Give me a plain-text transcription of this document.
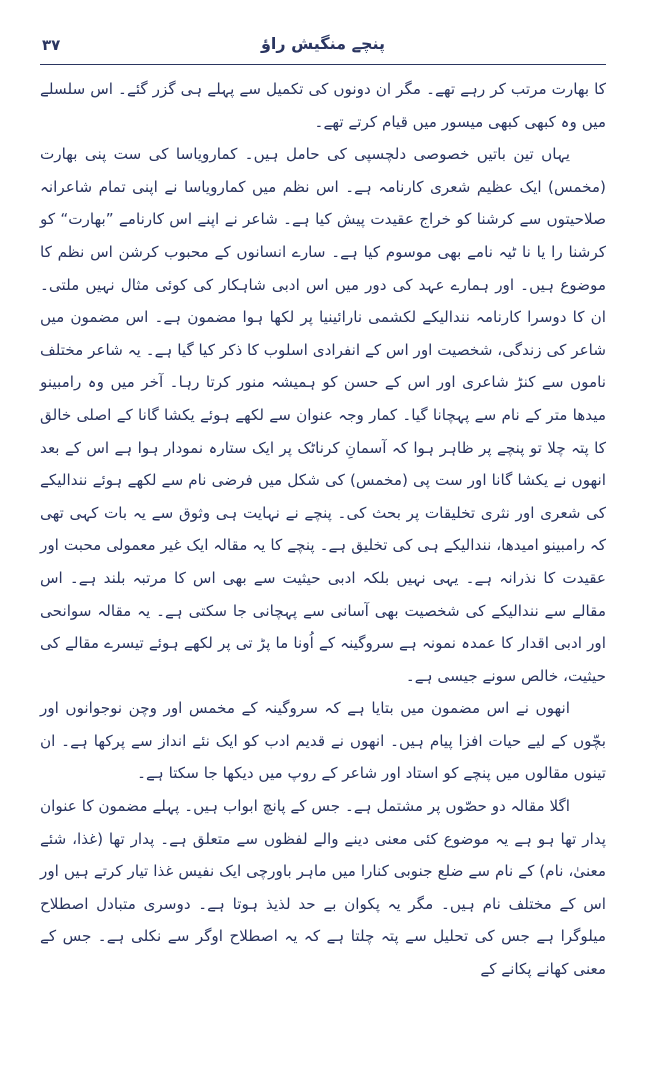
۳۷	پنچے منگیش راؤ

کا بھارت مرتب کر رہے تھے۔ مگر ان دونوں کی تکمیل سے پہلے ہی گزر گئے۔ اس سلسلے میں وہ کبھی کبھی میسور میں قیام کرتے تھے۔

یہاں تین باتیں خصوصی دلچسپی کی حامل ہیں۔ کمارویاسا کی ست پنی بھارت (مخمس) ایک عظیم شعری کارنامہ ہے۔ اس نظم میں کمارویاسا نے اپنی تمام شاعرانہ صلاحیتوں سے کرشنا کو خراج عقیدت پیش کیا ہے۔ شاعر نے اپنے اس کارنامے ”بھارت“ کو کرشنا را یا نا ٹیہ نامے بھی موسوم کیا ہے۔ سارے انسانوں کے محبوب کرشن اس نظم کا موضوع ہیں۔ اور ہمارے عہد کی دور میں اس ادبی شاہکار کی کوئی مثال نہیں ملتی۔ ان کا دوسرا کارنامہ نندالیکے لکشمی نارائینیا پر لکھا ہوا مضمون ہے۔ اس مضمون میں شاعر کی زندگی، شخصیت اور اس کے انفرادی اسلوب کا ذکر کیا گیا ہے۔ یہ شاعر مختلف ناموں سے کنڑ شاعری اور اس کے حسن کو ہمیشہ منور کرتا رہا۔ آخر میں وہ رامبینو میدھا متر کے نام سے پہچانا گیا۔ کمار وجہ عنوان سے لکھے ہوئے یکشا گانا کے اصلی خالق کا پتہ چلا تو پنچے پر ظاہر ہوا کہ آسمانِ کرناٹک پر ایک ستارہ نمودار ہوا ہے اس کے بعد انھوں نے یکشا گانا اور ست پی (مخمس) کی شکل میں فرضی نام سے لکھے ہوئے نندالیکے کی شعری اور نثری تخلیقات پر بحث کی۔ پنچے نے نہایت ہی وثوق سے یہ بات کہی تھی کہ رامبینو امیدھا، نندالیکے ہی کی تخلیق ہے۔ پنچے کا یہ مقالہ ایک غیر معمولی محبت اور عقیدت کا نذرانہ ہے۔ یہی نہیں بلکہ ادبی حیثیت سے بھی اس کا مرتبہ بلند ہے۔ اس مقالے سے نندالیکے کی شخصیت بھی آسانی سے پہچانی جا سکتی ہے۔ یہ مقالہ سوانحی اور ادبی اقدار کا عمدہ نمونہ ہے سروگینہ کے اُونا ما پڑ تی پر لکھے ہوئے تیسرے مقالے کی حیثیت، خالص سونے جیسی ہے۔

انھوں نے اس مضمون میں بتایا ہے کہ سروگینہ کے مخمس اور وچن نوجوانوں اور بچّوں کے لیے حیات افزا پیام ہیں۔ انھوں نے قدیم ادب کو ایک نئے انداز سے پرکھا ہے۔ ان تینوں مقالوں میں پنچے کو استاد اور شاعر کے روپ میں دیکھا جا سکتا ہے۔

اگلا مقالہ دو حصّوں پر مشتمل ہے۔ جس کے پانچ ابواب ہیں۔ پہلے مضمون کا عنوان پدار تھا ہو ہے یہ موضوع کئی معنی دینے والے لفظوں سے متعلق ہے۔ پدار تھا (غذا، شئے معنیٰ، نام) کے نام سے ضلع جنوبی کنارا میں ماہر باورچی ایک نفیس غذا تیار کرتے ہیں اور اس کے مختلف نام ہیں۔ مگر یہ پکوان بے حد لذیذ ہوتا ہے۔ دوسری متبادل اصطلاح میلوگرا ہے جس کی تحلیل سے پتہ چلتا ہے کہ یہ اصطلاح اوگر سے نکلی ہے۔ جس کے معنی کھانے پکانے کے
